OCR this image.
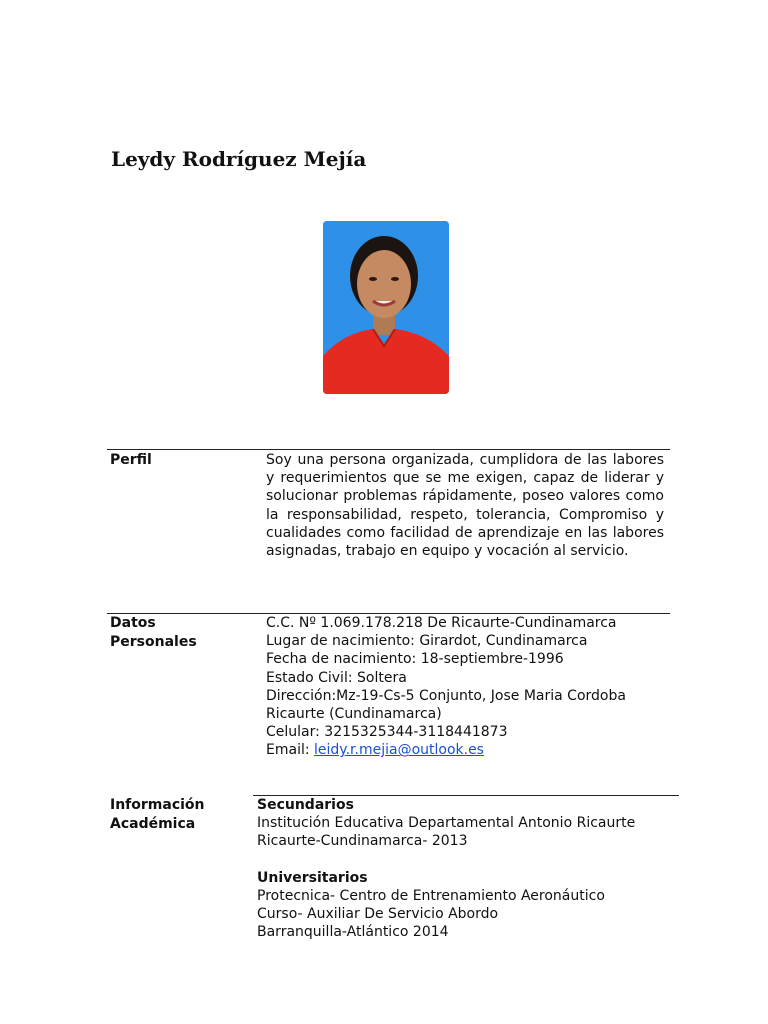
Leydy Rodríguez Mejía
Perfil	Soy una persona organizada, cumplidora de las labores y requerimientos que se me exigen, capaz de liderar y solucionar problemas rápidamente, poseo valores como la responsabilidad, respeto, tolerancia, Compromiso y cualidades como facilidad de aprendizaje en las labores asignadas, trabajo en equipo y vocación al servicio.
Datos
Personales
C.C. Nº 1.069.178.218 De Ricaurte-Cundinamarca
Lugar de nacimiento: Girardot, Cundinamarca
Fecha de nacimiento: 18-septiembre-1996
Estado Civil: Soltera
Dirección:Mz-19-Cs-5 Conjunto, Jose Maria Cordoba
Ricaurte (Cundinamarca)
Celular: 3215325344-3118441873
Email: leidy.r.mejia@outlook.es
Información
Académica
Secundarios
Institución Educativa Departamental Antonio Ricaurte
Ricaurte-Cundinamarca- 2013
Universitarios
Protecnica- Centro de Entrenamiento Aeronáutico
Curso- Auxiliar De Servicio Abordo
Barranquilla-Atlántico 2014
